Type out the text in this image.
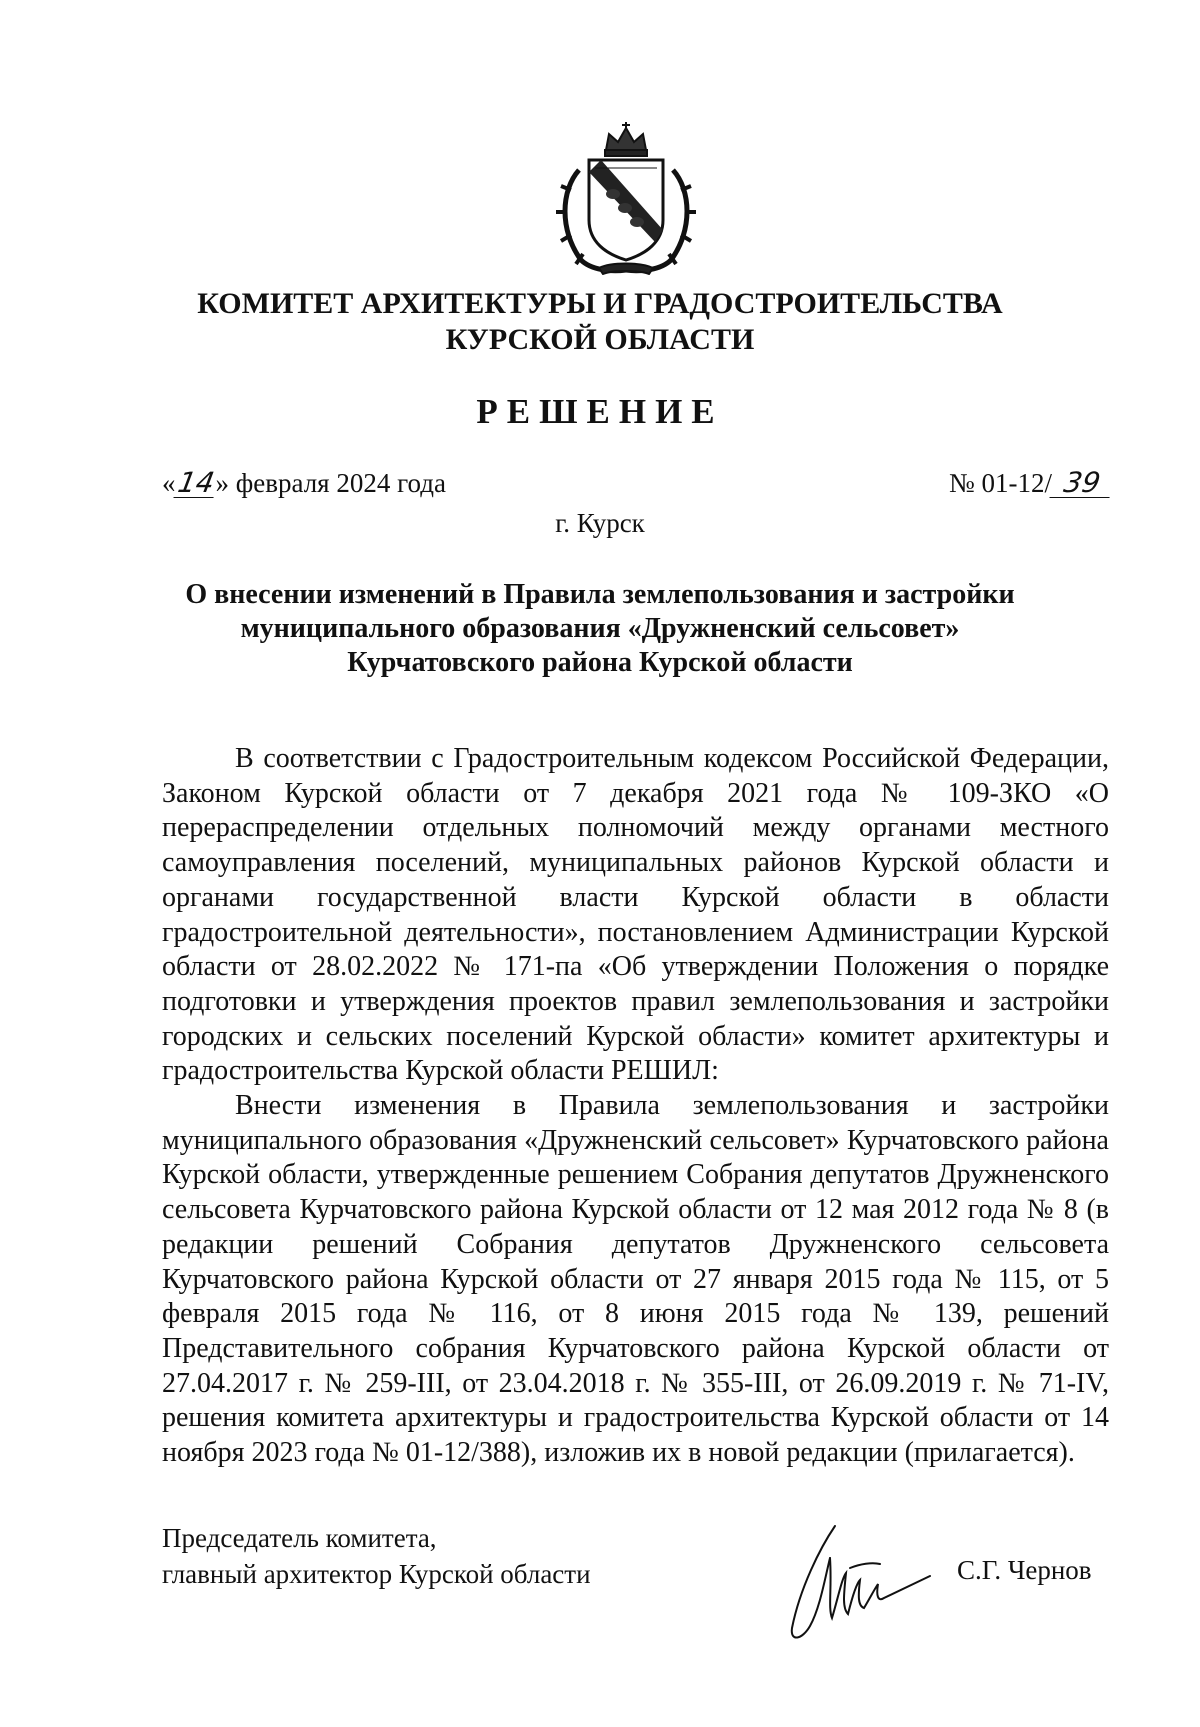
КОМИТЕТ АРХИТЕКТУРЫ И ГРАДОСТРОИТЕЛЬСТВА
КУРСКОЙ ОБЛАСТИ
РЕШЕНИЕ
«14» февраля 2024 года	№ 01-12/ 39
г. Курск
О внесении изменений в Правила землепользования и застройки
муниципального образования «Дружненский сельсовет»
Курчатовского района Курской области

В соответствии с Градостроительным кодексом Российской Федерации, Законом Курской области от 7 декабря 2021 года № 109-ЗКО «О перераспределении отдельных полномочий между органами местного самоуправления поселений, муниципальных районов Курской области и органами государственной власти Курской области в области градостроительной деятельности», постановлением Администрации Курской области от 28.02.2022 № 171-па «Об утверждении Положения о порядке подготовки и утверждения проектов правил землепользования и застройки городских и сельских поселений Курской области» комитет архитектуры и градостроительства Курской области РЕШИЛ:

Внести изменения в Правила землепользования и застройки муниципального образования «Дружненский сельсовет» Курчатовского района Курской области, утвержденные решением Собрания депутатов Дружненского сельсовета Курчатовского района Курской области от 12 мая 2012 года № 8 (в редакции решений Собрания депутатов Дружненского сельсовета Курчатовского района Курской области от 27 января 2015 года № 115, от 5 февраля 2015 года № 116, от 8 июня 2015 года № 139, решений Представительного собрания Курчатовского района Курской области от 27.04.2017 г. № 259-III, от 23.04.2018 г. № 355-III, от 26.09.2019 г. № 71-IV, решения комитета архитектуры и градостроительства Курской области от 14 ноября 2023 года № 01-12/388), изложив их в новой редакции (прилагается).

Председатель комитета,
главный архитектор Курской области	С.Г. Чернов
